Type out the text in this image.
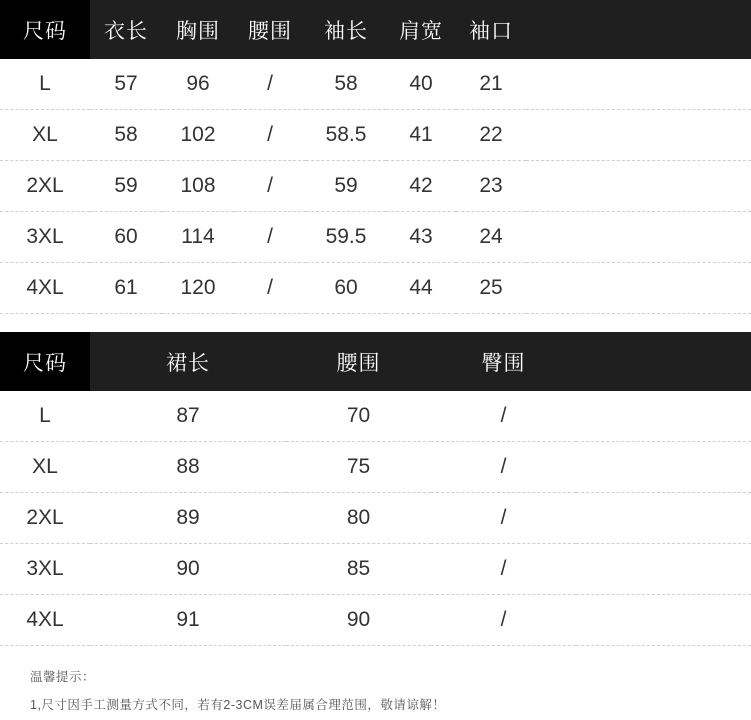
尺码	衣长	胸围	腰围	袖长	肩宽	袖口	
L	57	96	/	58	40	21	
XL	58	102	/	58.5	41	22	
2XL	59	108	/	59	42	23	
3XL	60	114	/	59.5	43	24	
4XL	61	120	/	60	44	25	
尺码	裙长	腰围	臀围	
L	87	70	/	
XL	88	75	/	
2XL	89	80	/	
3XL	90	85	/	
4XL	91	90	/	
温馨提示：
1,尺寸因手工测量方式不同，若有2-3CM误差届属合理范围，敬请谅解！
